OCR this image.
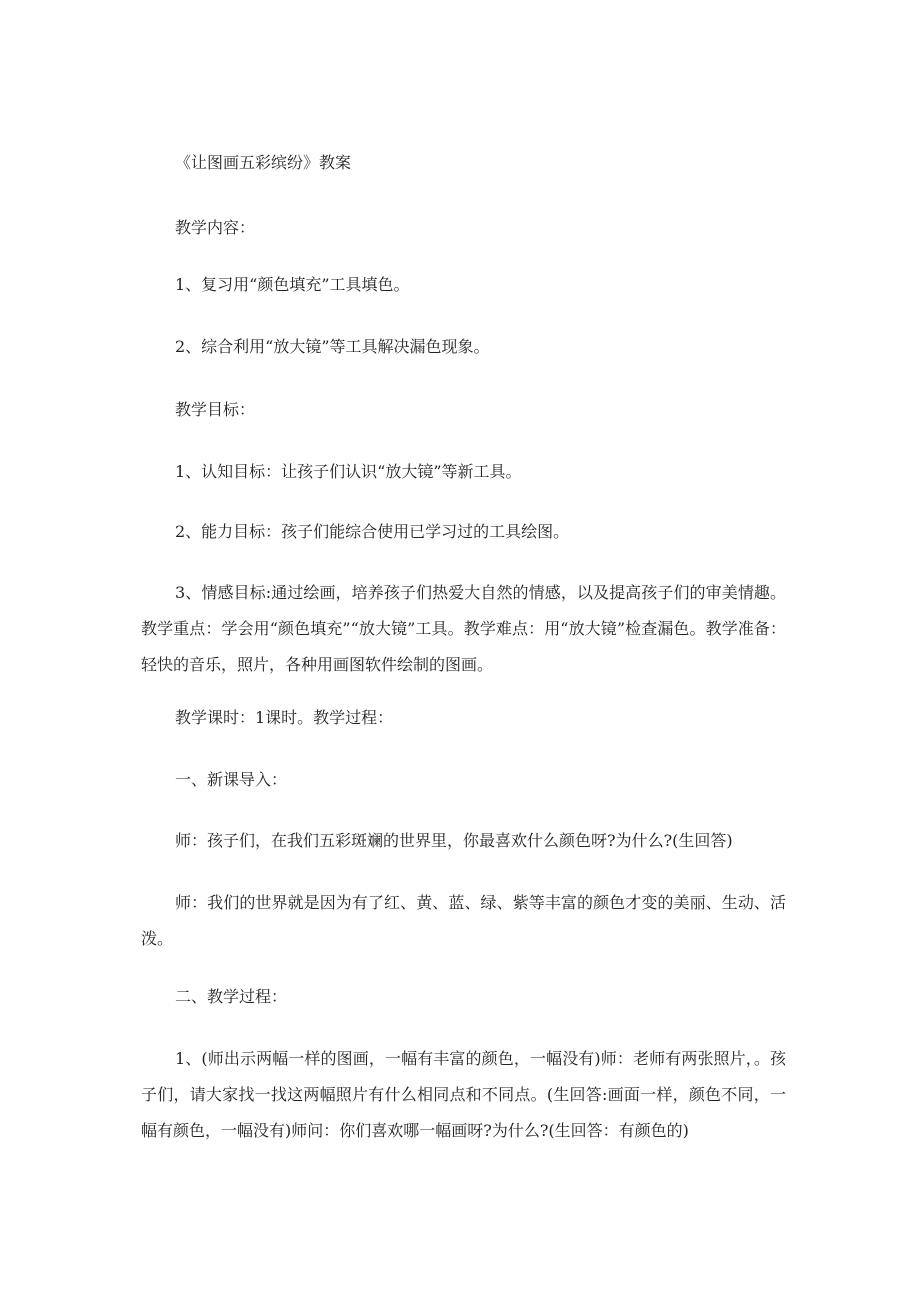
《让图画五彩缤纷》教案

教学内容：

1、复习用“颜色填充”工具填色。

2、综合利用“放大镜”等工具解决漏色现象。

教学目标：

1、认知目标：让孩子们认识“放大镜”等新工具。

2、能力目标：孩子们能综合使用已学习过的工具绘图。

3、情感目标:通过绘画，培养孩子们热爱大自然的情感，以及提高孩子们的审美情趣。教学重点：学会用“颜色填充”“放大镜”工具。教学难点：用“放大镜”检查漏色。教学准备：轻快的音乐，照片，各种用画图软件绘制的图画。

教学课时：1课时。教学过程：

一、新课导入：

师：孩子们，在我们五彩斑斓的世界里，你最喜欢什么颜色呀?为什么?(生回答)

师：我们的世界就是因为有了红、黄、蓝、绿、紫等丰富的颜色才变的美丽、生动、活泼。

二、教学过程：

1、(师出示两幅一样的图画，一幅有丰富的颜色，一幅没有)师：老师有两张照片，。孩子们，请大家找一找这两幅照片有什么相同点和不同点。(生回答:画面一样，颜色不同，一幅有颜色，一幅没有)师问：你们喜欢哪一幅画呀?为什么?(生回答：有颜色的)
